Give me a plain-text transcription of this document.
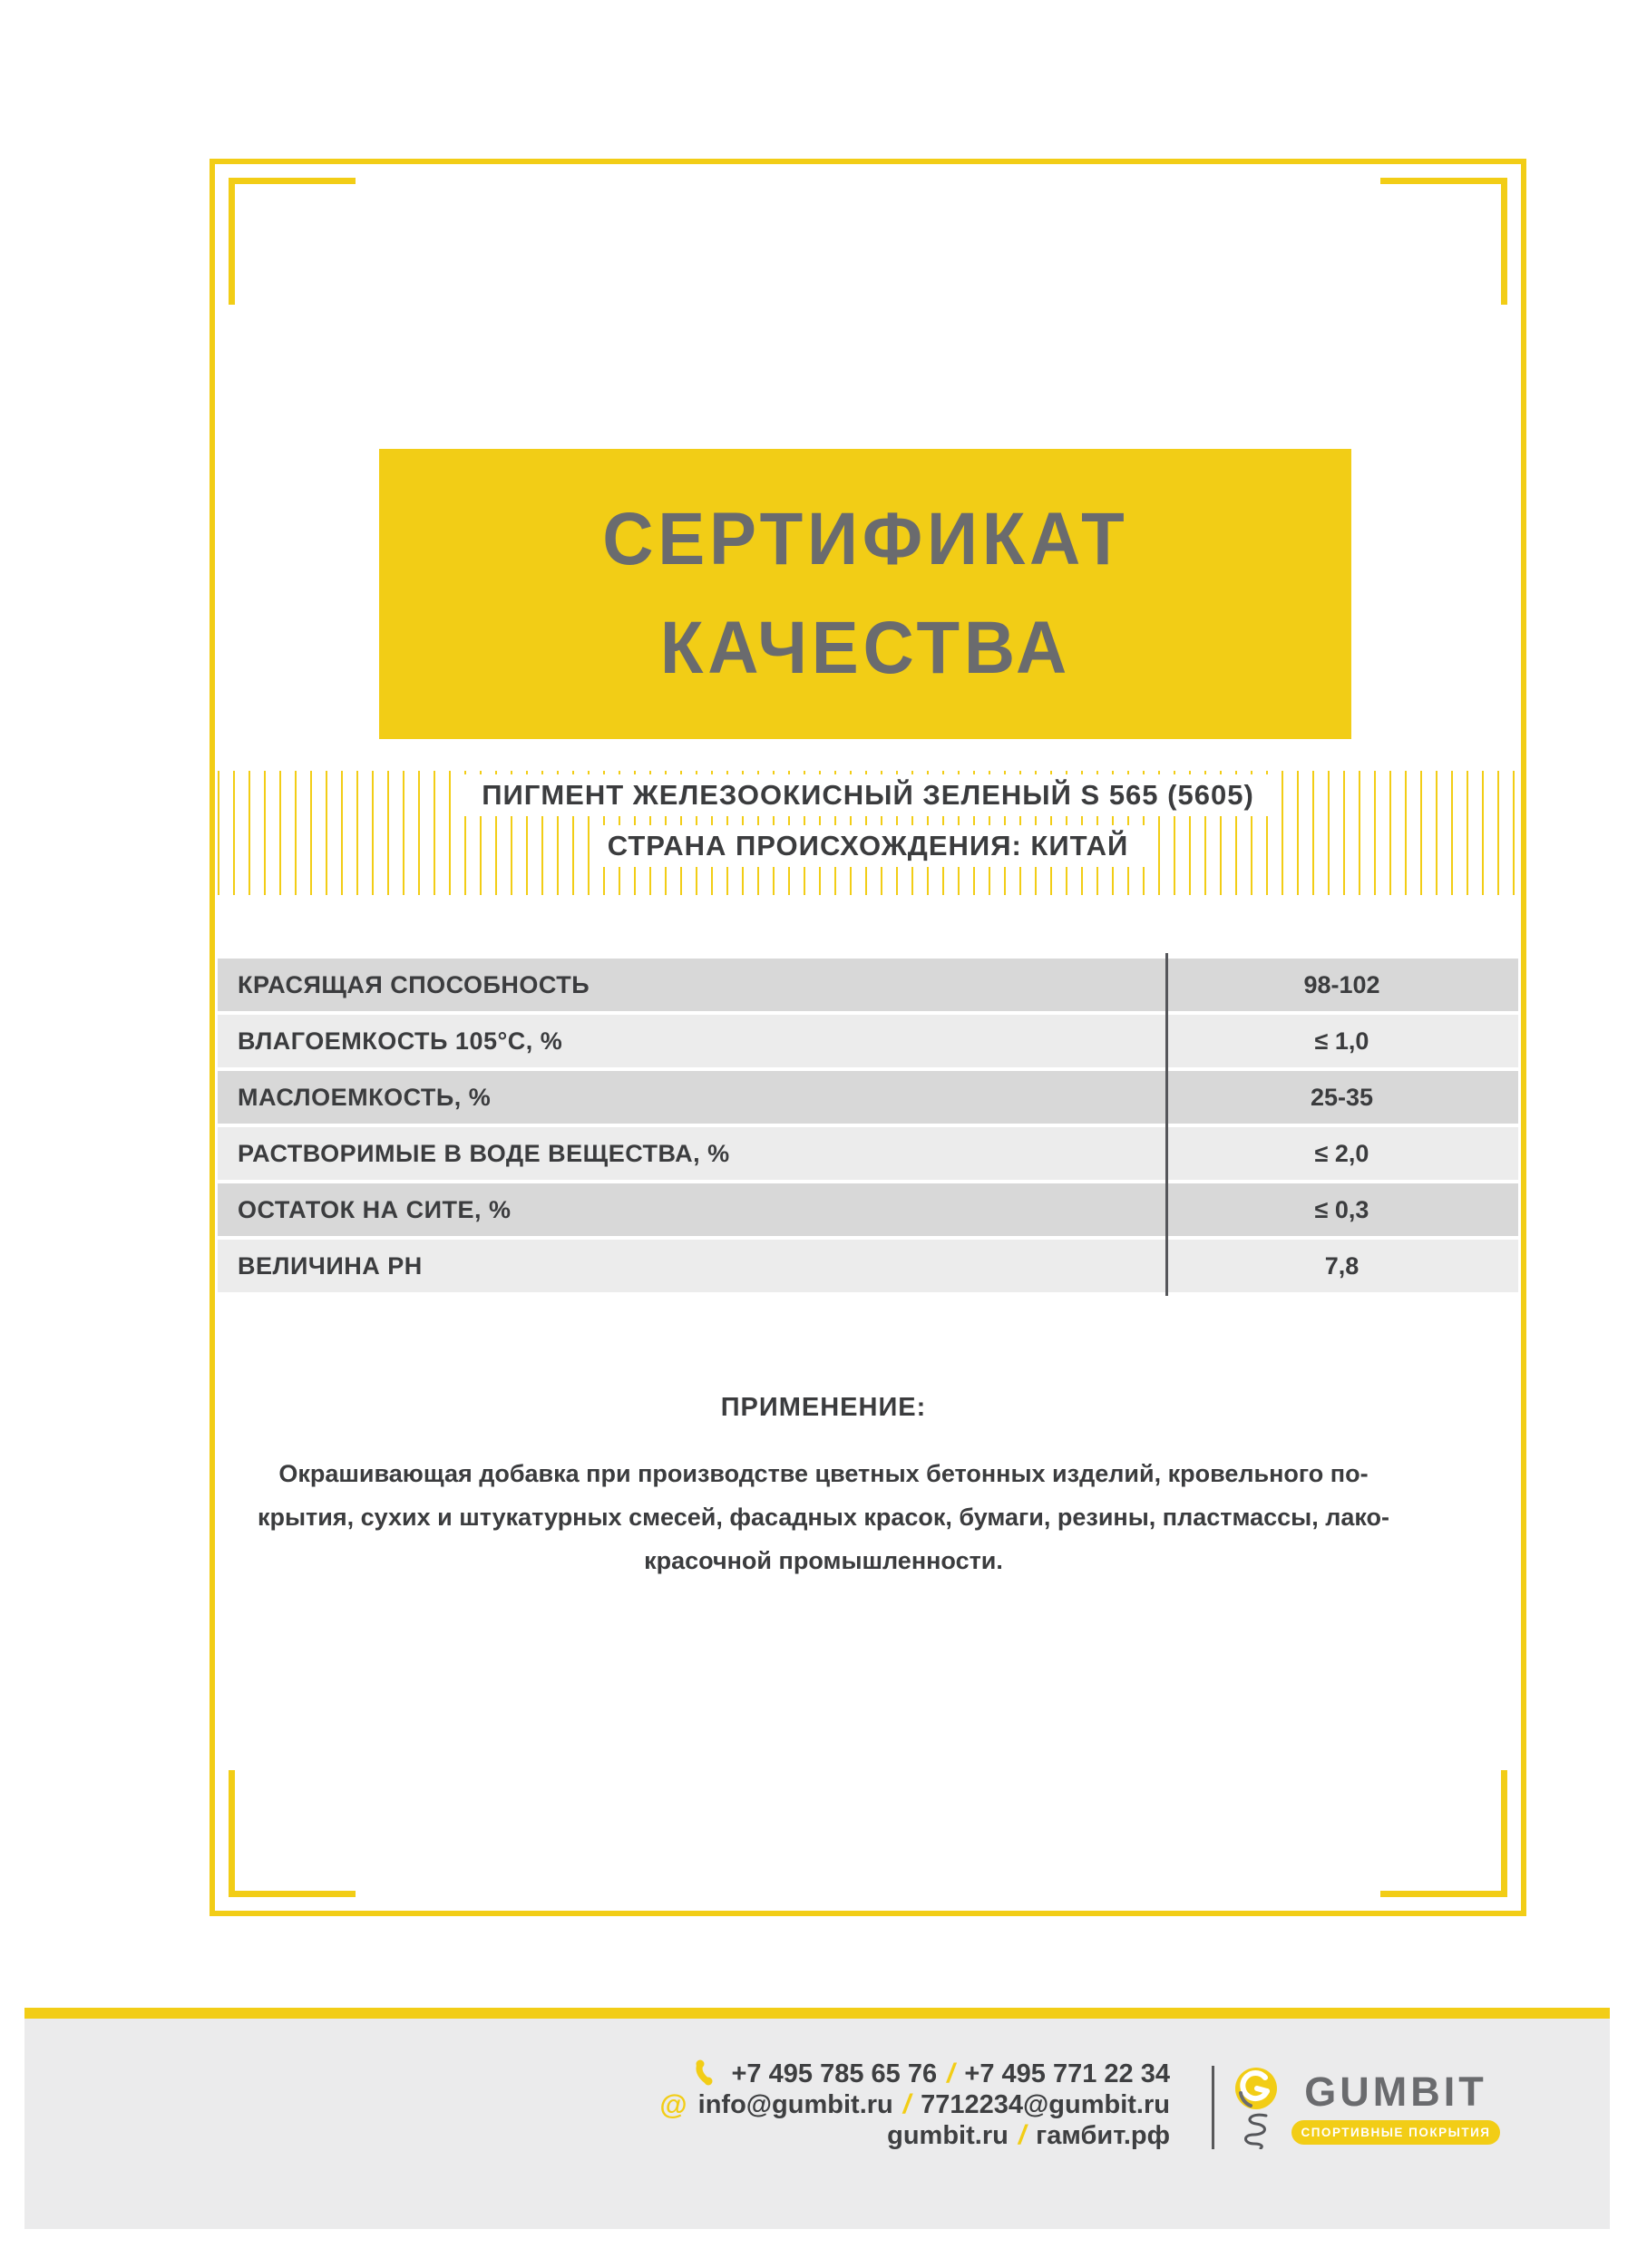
СЕРТИФИКАТ
КАЧЕСТВА
ПИГМЕНТ ЖЕЛЕЗООКИСНЫЙ ЗЕЛЕНЫЙ S 565 (5605)
СТРАНА ПРОИСХОЖДЕНИЯ: КИТАЙ
КРАСЯЩАЯ СПОСОБНОСТЬ	98-102
ВЛАГОЕМКОСТЬ 105°С, %	≤ 1,0
МАСЛОЕМКОСТЬ, %	25-35
РАСТВОРИМЫЕ В ВОДЕ ВЕЩЕСТВА, %	≤ 2,0
ОСТАТОК НА СИТЕ, %	≤ 0,3
ВЕЛИЧИНА РН	7,8
ПРИМЕНЕНИЕ:
Окрашивающая добавка при производстве цветных бетонных изделий, кровельного по-
крытия, сухих и штукатурных смесей, фасадных красок, бумаги, резины, пластмассы, лако-
красочной промышленности.
+7 495 785 65 76 / +7 495 771 22 34
@ info@gumbit.ru / 7712234@gumbit.ru
gumbit.ru / гамбит.рф
GUMBIT
СПОРТИВНЫЕ ПОКРЫТИЯ
